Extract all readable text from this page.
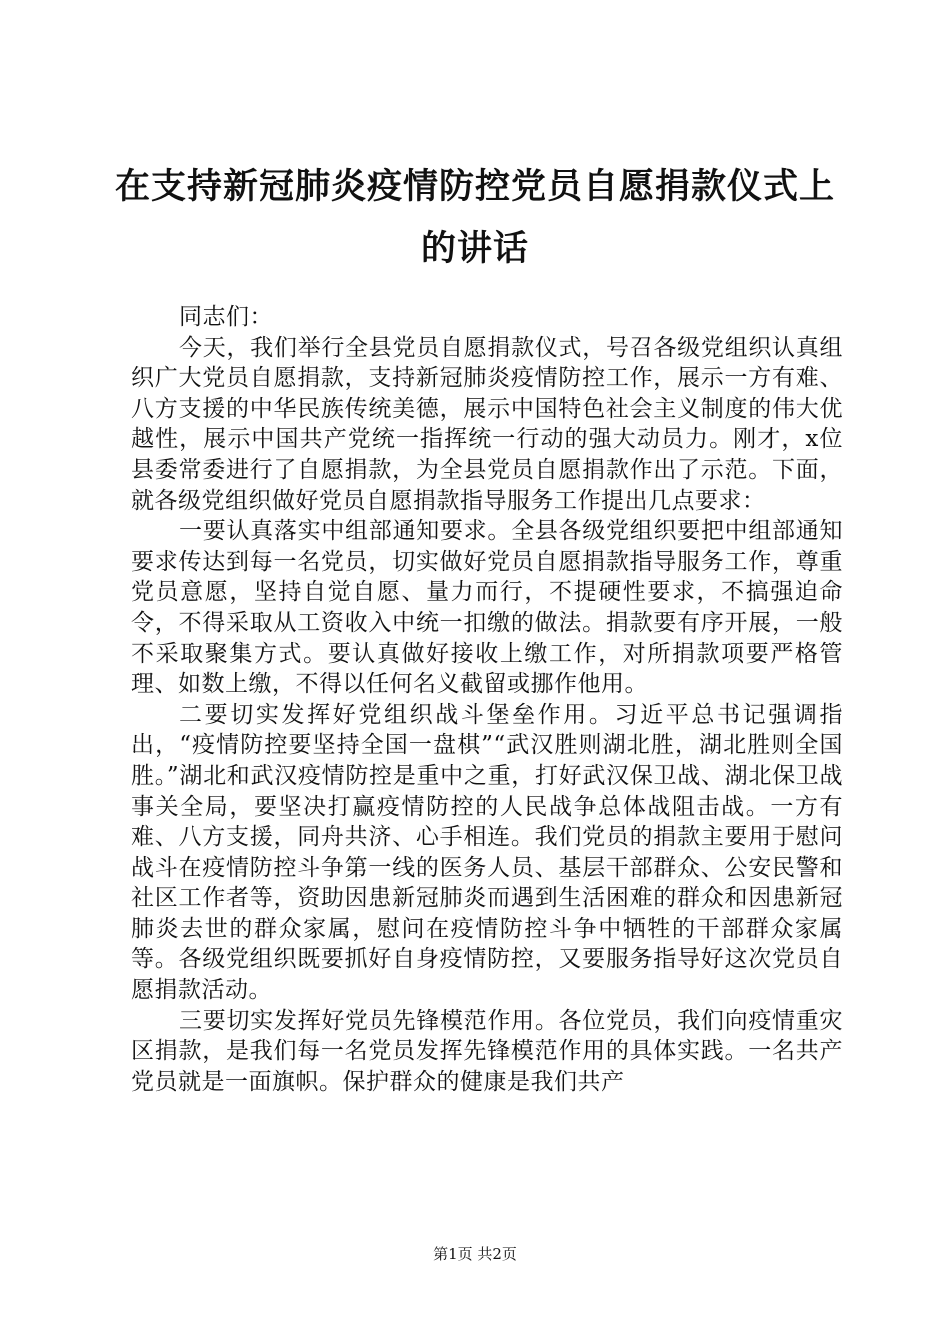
在支持新冠肺炎疫情防控党员自愿捐款仪式上的讲话

同志们：

今天，我们举行全县党员自愿捐款仪式，号召各级党组织认真组织广大党员自愿捐款，支持新冠肺炎疫情防控工作，展示一方有难、八方支援的中华民族传统美德，展示中国特色社会主义制度的伟大优越性，展示中国共产党统一指挥统一行动的强大动员力。刚才，x位县委常委进行了自愿捐款，为全县党员自愿捐款作出了示范。下面，就各级党组织做好党员自愿捐款指导服务工作提出几点要求：

一要认真落实中组部通知要求。全县各级党组织要把中组部通知要求传达到每一名党员，切实做好党员自愿捐款指导服务工作，尊重党员意愿，坚持自觉自愿、量力而行，不提硬性要求，不搞强迫命令，不得采取从工资收入中统一扣缴的做法。捐款要有序开展，一般不采取聚集方式。要认真做好接收上缴工作，对所捐款项要严格管理、如数上缴，不得以任何名义截留或挪作他用。

二要切实发挥好党组织战斗堡垒作用。习近平总书记强调指出，“疫情防控要坚持全国一盘棋”“武汉胜则湖北胜，湖北胜则全国胜。”湖北和武汉疫情防控是重中之重，打好武汉保卫战、湖北保卫战事关全局，要坚决打赢疫情防控的人民战争总体战阻击战。一方有难、八方支援，同舟共济、心手相连。我们党员的捐款主要用于慰问战斗在疫情防控斗争第一线的医务人员、基层干部群众、公安民警和社区工作者等，资助因患新冠肺炎而遇到生活困难的群众和因患新冠肺炎去世的群众家属，慰问在疫情防控斗争中牺牲的干部群众家属等。各级党组织既要抓好自身疫情防控，又要服务指导好这次党员自愿捐款活动。

三要切实发挥好党员先锋模范作用。各位党员，我们向疫情重灾区捐款，是我们每一名党员发挥先锋模范作用的具体实践。一名共产党员就是一面旗帜。保护群众的健康是我们共产

第1页 共2页
